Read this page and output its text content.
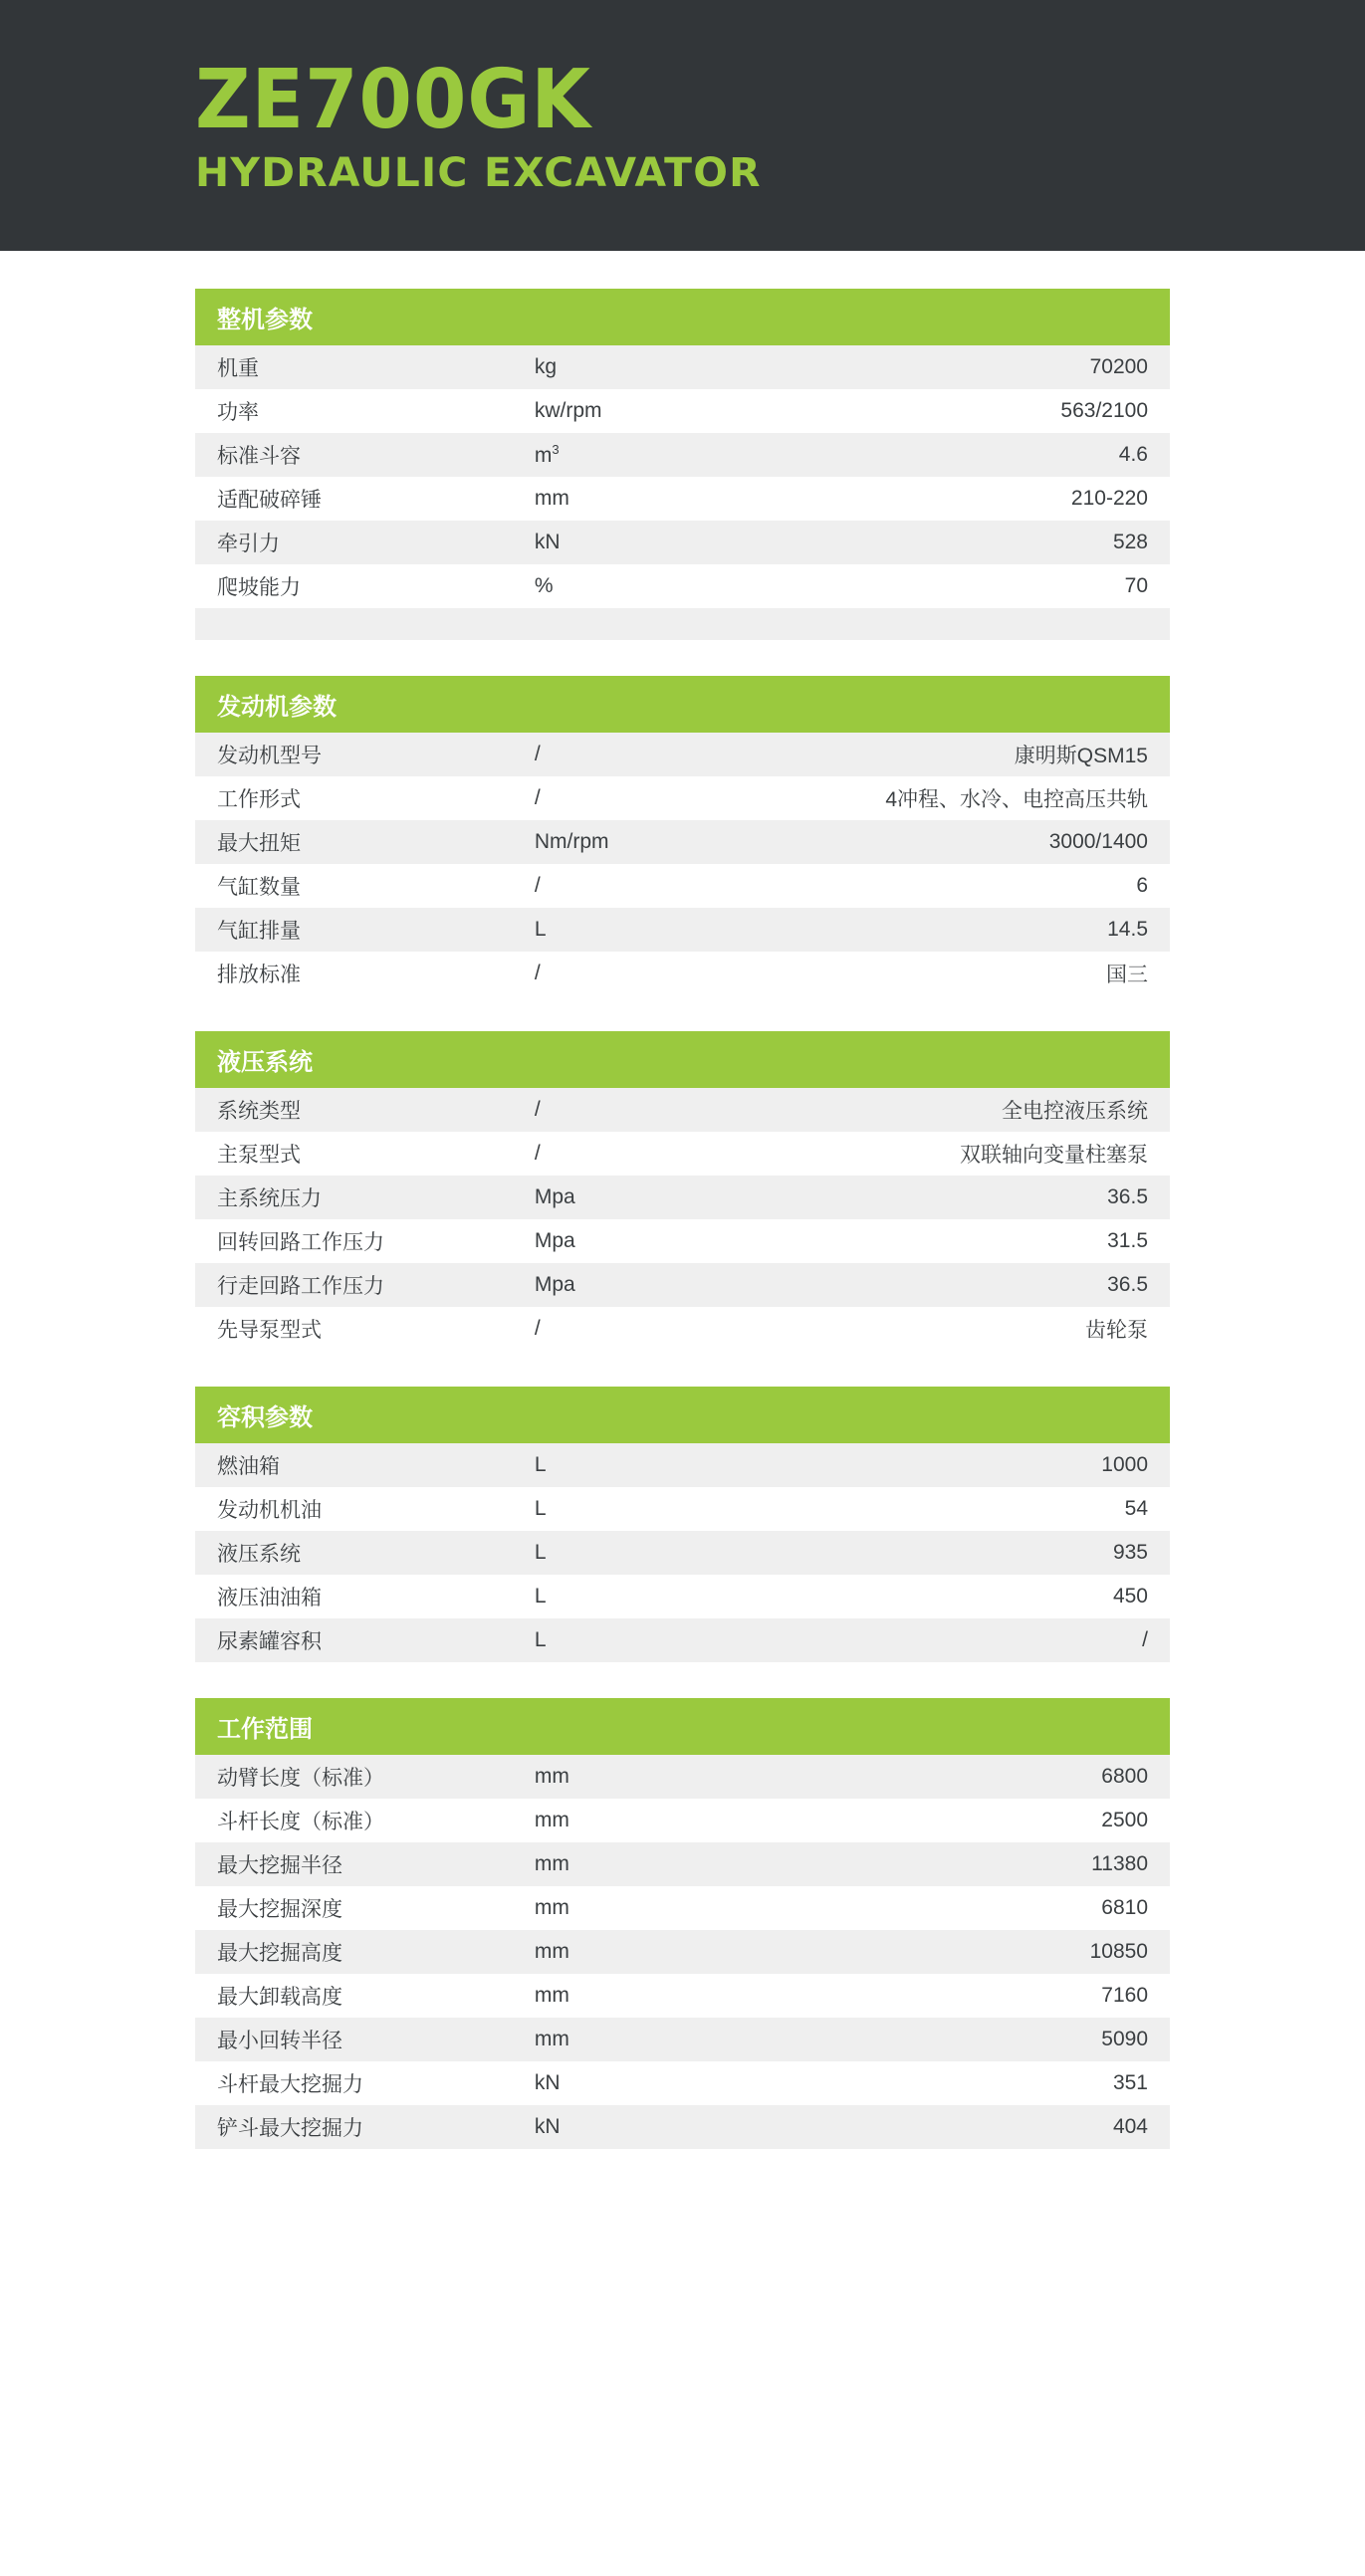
ZE700GK
HYDRAULIC EXCAVATOR
整机参数
机重	kg	70200
功率	kw/rpm	563/2100
标准斗容	$m^3$	4.6
适配破碎锤	mm	210-220
牵引力	kN	528
爬坡能力	%	70

发动机参数
发动机型号	/	康明斯QSM15
工作形式	/	4冲程、水冷、电控高压共轨
最大扭矩	Nm/rpm	3000/1400
气缸数量	/	6
气缸排量	L	14.5
排放标准	/	国三
液压系统
系统类型	/	全电控液压系统
主泵型式	/	双联轴向变量柱塞泵
主系统压力	Mpa	36.5
回转回路工作压力	Mpa	31.5
行走回路工作压力	Mpa	36.5
先导泵型式	/	齿轮泵
容积参数
燃油箱	L	1000
发动机机油	L	54
液压系统	L	935
液压油油箱	L	450
尿素罐容积	L	/
工作范围
动臂长度（标准）	mm	6800
斗杆长度（标准）	mm	2500
最大挖掘半径	mm	11380
最大挖掘深度	mm	6810
最大挖掘高度	mm	10850
最大卸载高度	mm	7160
最小回转半径	mm	5090
斗杆最大挖掘力	kN	351
铲斗最大挖掘力	kN	404
